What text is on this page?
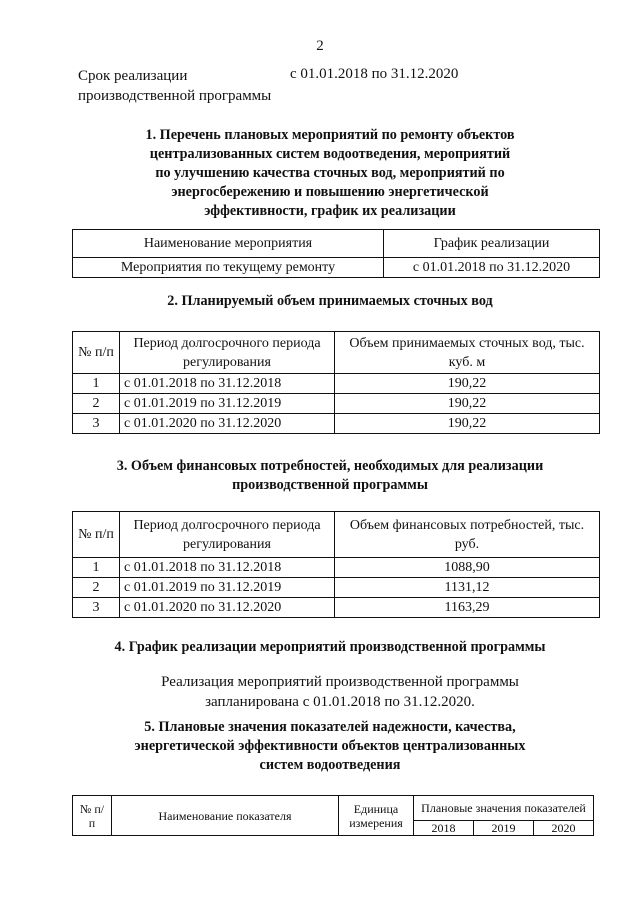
2
Срок реализации
производственной программы
с 01.01.2018 по 31.12.2020
1. Перечень плановых мероприятий по ремонту объектов
централизованных систем водоотведения, мероприятий
по улучшению качества сточных вод, мероприятий по
энергосбережению и повышению энергетической
эффективности, график их реализации
Наименование мероприятия	График реализации
Мероприятия по текущему ремонту	с 01.01.2018 по 31.12.2020
2. Планируемый объем принимаемых сточных вод
№ п/п	Период долгосрочного периода регулирования	Объем принимаемых сточных вод, тыс. куб. м
1	с 01.01.2018 по 31.12.2018	190,22
2	с 01.01.2019 по 31.12.2019	190,22
3	с 01.01.2020 по 31.12.2020	190,22
3. Объем финансовых потребностей, необходимых для реализации
производственной программы
№ п/п	Период долгосрочного периода регулирования	Объем финансовых потребностей, тыс. руб.
1	с 01.01.2018 по 31.12.2018	1088,90
2	с 01.01.2019 по 31.12.2019	1131,12
3	с 01.01.2020 по 31.12.2020	1163,29
4. График реализации мероприятий производственной программы
Реализация мероприятий производственной программы
запланирована с 01.01.2018 по 31.12.2020.
5. Плановые значения показателей надежности, качества,
энергетической эффективности объектов централизованных
систем водоотведения
№ п/п	Наименование показателя	Единица измерения	Плановые значения показателей		
			2018	2019	2020
